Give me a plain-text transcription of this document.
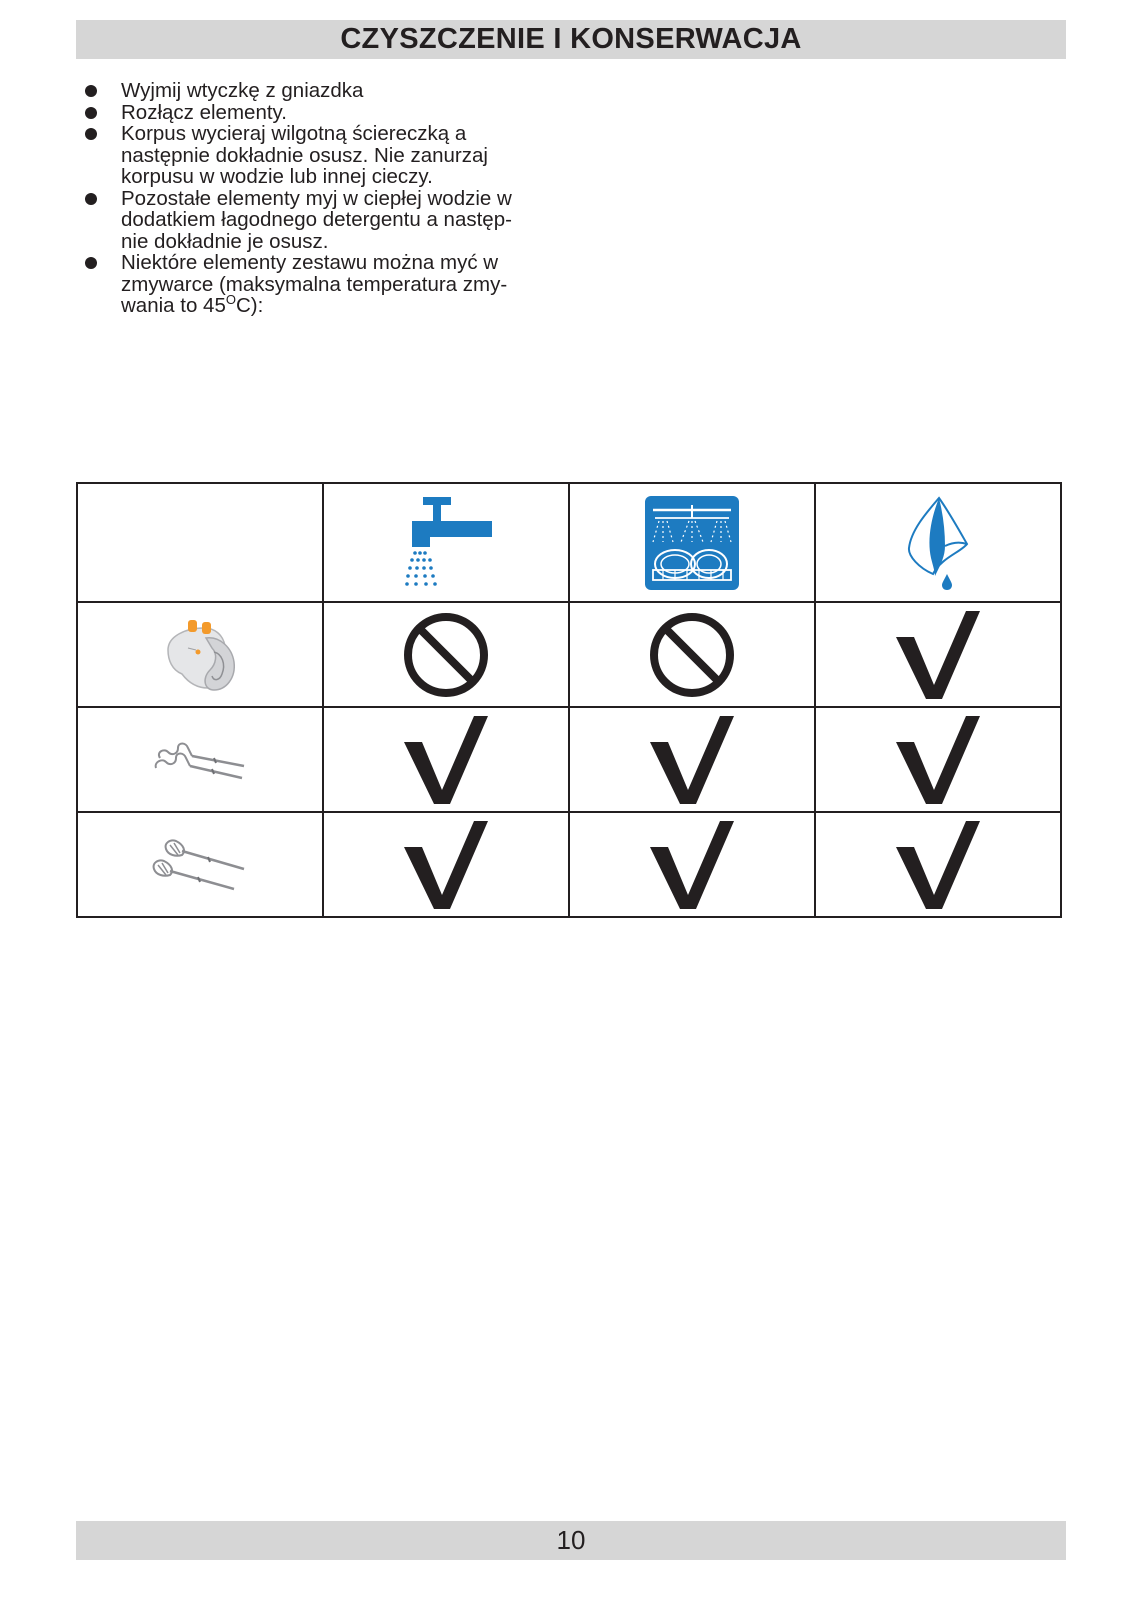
CZYSZCZENIE I KONSERWACJA
Wyjmij wtyczkę z gniazdka
Rozłącz elementy.
Korpus wycieraj wilgotną ściereczką a
następnie dokładnie osusz. Nie zanurzaj
korpusu w wodzie lub innej cieczy.
Pozostałe elementy myj w ciepłej wodzie w
dodatkiem łagodnego detergentu a następ-
nie dokładnie je osusz.
Niektóre elementy zestawu można myć w
zmywarce (maksymalna temperatura zmy-
wania to $45^OC$):

10
